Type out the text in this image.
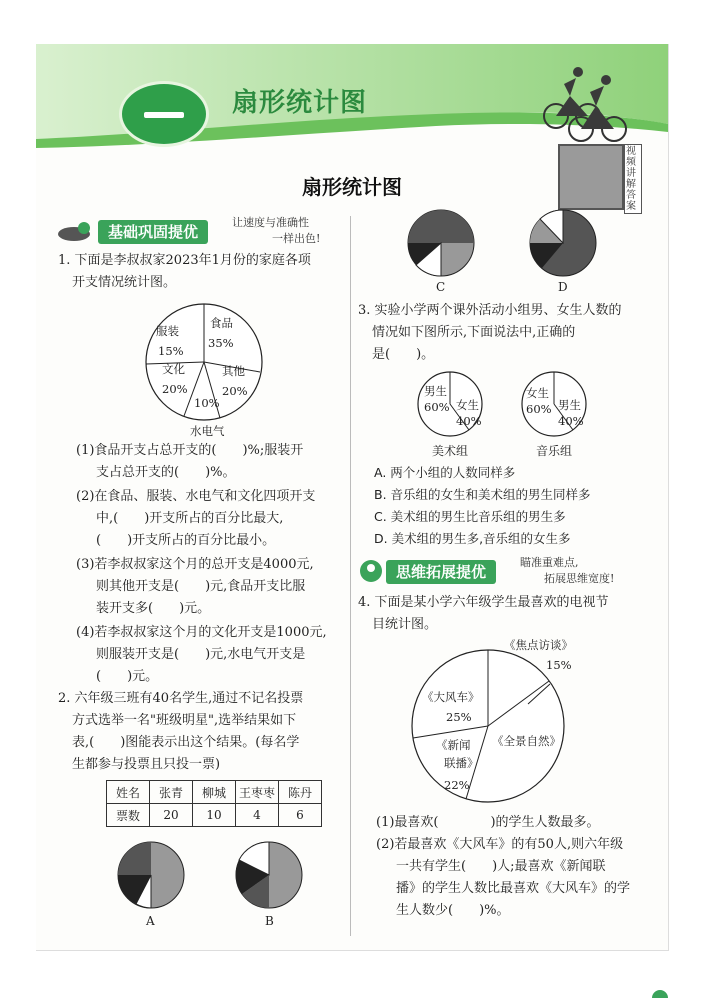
扇形统计图
视频讲解答案
扇形统计图
基础巩固提优
让速度与准确性
一样出色!
1. 下面是李叔叔家2023年1月份的家庭各项
开支情况统计图。
食品
35%
服装
15%
文化
20%
其他
20%
10%
水电气
(1)食品开支占总开支的(　　)%;服装开
支占总开支的(　　)%。
(2)在食品、服装、水电气和文化四项开支
中,(　　)开支所占的百分比最大,
(　　)开支所占的百分比最小。
(3)若李叔叔家这个月的总开支是4000元,
则其他开支是(　　)元,食品开支比服
装开支多(　　)元。
(4)若李叔叔家这个月的文化开支是1000元,
则服装开支是(　　)元,水电气开支是
(　　)元。
2. 六年级三班有40名学生,通过不记名投票
方式选举一名"班级明星",选举结果如下
表,(　　)图能表示出这个结果。(每名学
生都参与投票且只投一票)
姓名	张青	柳城	王枣枣	陈丹
票数	20	10	4	6
A	B
C	D
3. 实验小学两个课外活动小组男、女生人数的
情况如下图所示,下面说法中,正确的
是(　　)。
男生
60% 女生
40%
美术组
女生
60% 男生
40%
音乐组
A. 两个小组的人数同样多
B. 音乐组的女生和美术组的男生同样多
C. 美术组的男生比音乐组的男生多
D. 美术组的男生多,音乐组的女生多
思维拓展提优
瞄准重难点,
拓展思维宽度!
4. 下面是某小学六年级学生最喜欢的电视节
目统计图。
《焦点访谈》
15%
《大风车》
25%
《全景自然》
《新闻
联播》
22%
(1)最喜欢(　　　　)的学生人数最多。
(2)若最喜欢《大风车》的有50人,则六年级
一共有学生(　　)人;最喜欢《新闻联
播》的学生人数比最喜欢《大风车》的学
生人数少(　　)%。
